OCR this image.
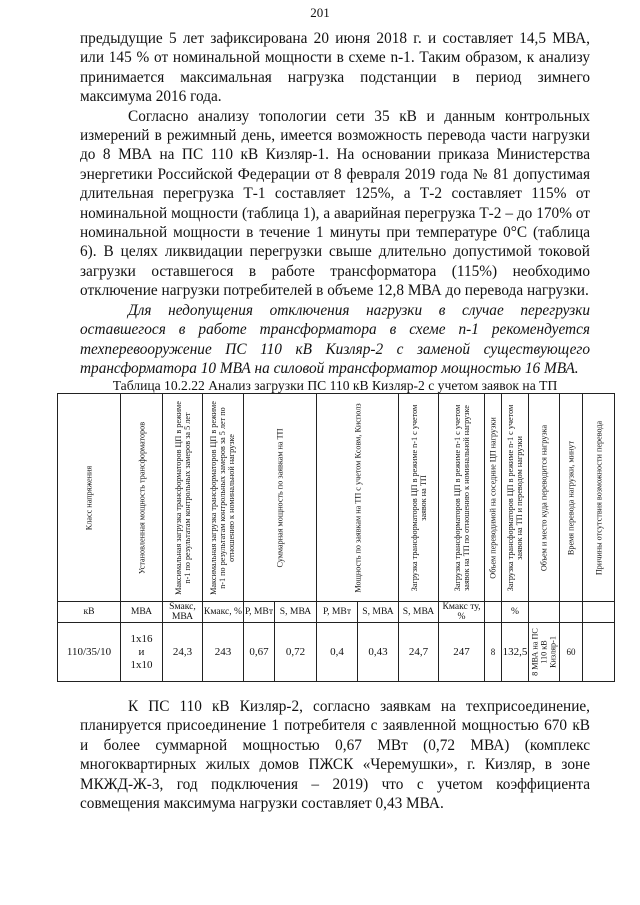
201

предыдущие 5 лет зафиксирована 20 июня 2018 г. и составляет 14,5 МВА, или 145 % от номинальной мощности в схеме n-1. Таким образом, к анализу принимается максимальная нагрузка подстанции в период зимнего максимума 2016 года.

Согласно анализу топологии сети 35 кВ и данным контрольных измерений в режимный день, имеется возможность перевода части нагрузки до 8 МВА на ПС 110 кВ Кизляр-1. На основании приказа Министерства энергетики Российской Федерации от 8 февраля 2019 года № 81 допустимая длительная перегрузка Т-1 составляет 125%, а Т-2 составляет 115% от номинальной мощности (таблица 1), а аварийная перегрузка Т-2 – до 170% от номинальной мощности в течение 1 минуты при температуре 0°С (таблица 6). В целях ликвидации перегрузки свыше длительно допустимой токовой загрузки оставшегося в работе трансформатора (115%) необходимо отключение нагрузки потребителей в объеме 12,8 МВА до перевода нагрузки.

Для недопущения отключения нагрузки в случае перегрузки оставшегося в работе трансформатора в схеме n-1 рекомендуется техперевооружение ПС 110 кВ Кизляр-2 с заменой существующего трансформатора 10 МВА на силовой трансформатор мощностью 16 МВА.

Таблица 10.2.22 Анализ загрузки ПС 110 кВ Кизляр-2 с учетом заявок на ТП
Класс напряжения	Установленная мощность трансформаторов	Максимальная загрузка трансформаторов ЦП в режиме n-1 по результатам контрольных замеров за 5 лет	Максимальная загрузка трансформаторов ЦП в режиме n-1 по результатам контрольных замеров за 5 лет по отношению к номинальной нагрузке	Суммарная мощность по заявкам на ТП		Мощность по заявкам на ТП с учетом Ксовм, Кисполз		Загрузка трансформаторов ЦП в режиме n-1 с учетом заявок на ТП	Загрузка трансформаторов ЦП в режиме n-1 с учетом заявок на ТП по отношению к номинальной нагрузке	Объем переводимой на соседние ЦП нагрузки	Загрузка трансформаторов ЦП в режиме n-1 с учетом заявок на ТП и переводом нагрузки	Объем и место куда переводится нагрузка	Время перевода нагрузки, минут	Причины отсутствия возможности перевода

кВ	МВА	Sмакс, МВА	Кмакс, %	Р, МВт	S, МВА	Р, МВт	S, МВА	S, МВА	Кмакс ту, %		%			
110/35/10	1x16
и
1x10	24,3	243	0,67	0,72	0,4	0,43	24,7	247	8	132,5	8 МВА на ПС 110 кВ Кизляр-1	60	

К ПС 110 кВ Кизляр-2, согласно заявкам на техприсоединение, планируется присоединение 1 потребителя с заявленной мощностью 670 кВ и более суммарной мощностью 0,67 МВт (0,72 МВА) (комплекс многоквартирных жилых домов ПЖСК «Черемушки», г. Кизляр, в зоне МКЖД-Ж-3, год подключения – 2019) что с учетом коэффициента совмещения максимума нагрузки составляет 0,43 МВА.
